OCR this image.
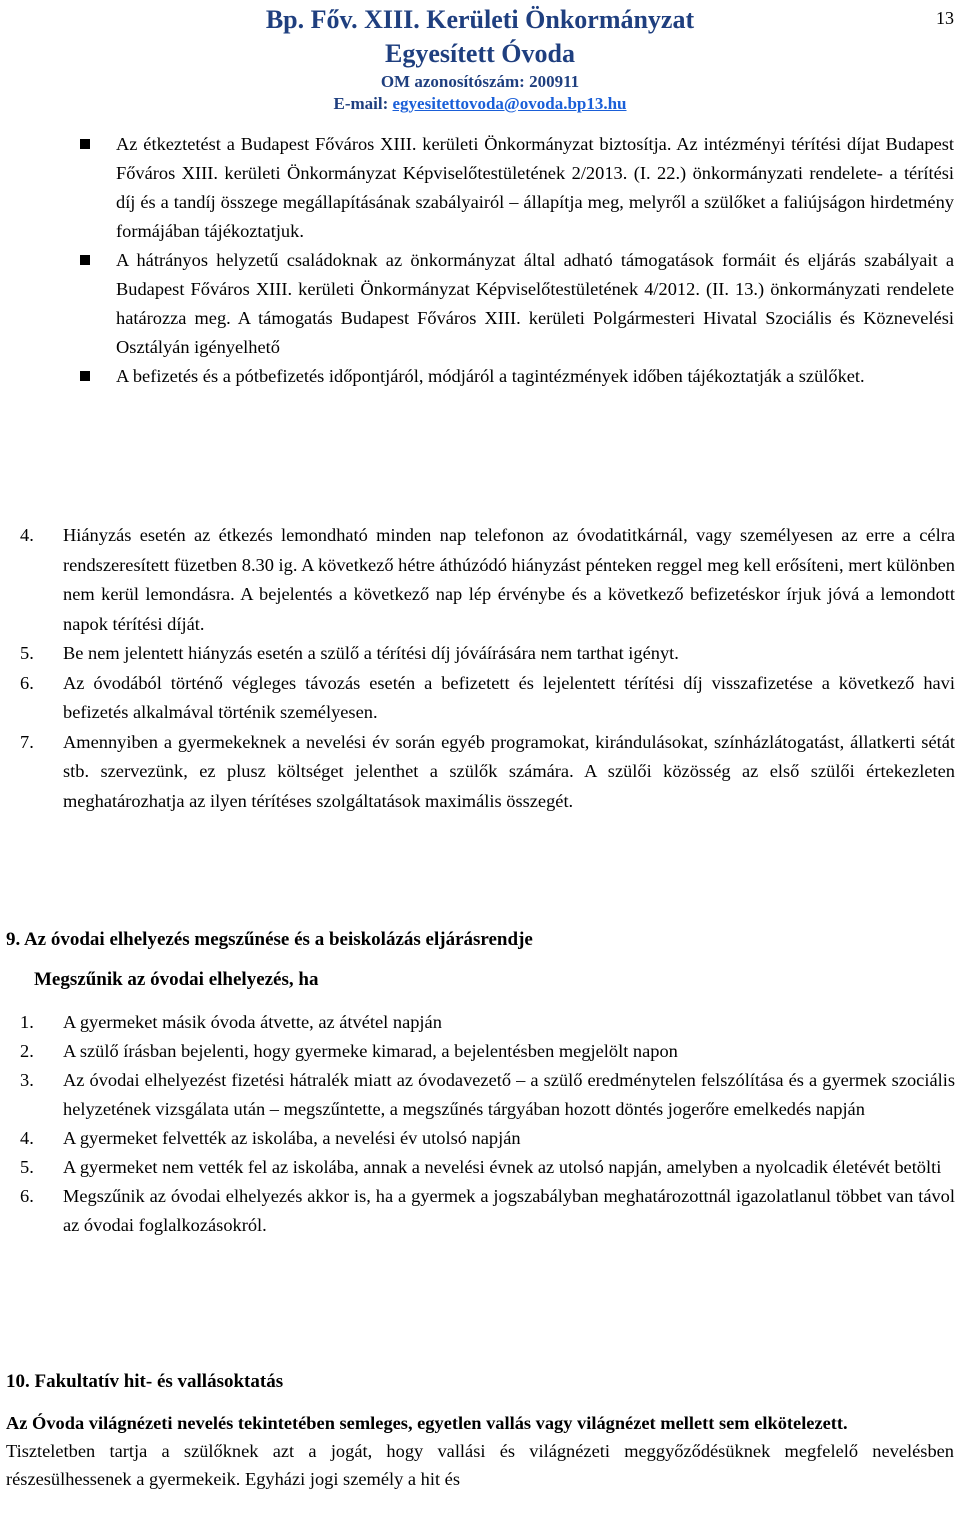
Bp. Főv. XIII. Kerületi Önkormányzat
Egyesített Óvoda
OM azonosítószám: 200911
E-mail: egyesitettovoda@ovoda.bp13.hu
13
Az étkeztetést a Budapest Főváros XIII. kerületi Önkormányzat biztosítja. Az intézményi térítési díjat Budapest Főváros XIII. kerületi Önkormányzat Képviselőtestületének 2/2013. (I. 22.) önkormányzati rendelete- a térítési díj és a tandíj összege megállapításának szabályairól – állapítja meg, melyről a szülőket a faliújságon hirdetmény formájában tájékoztatjuk.
A hátrányos helyzetű családoknak az önkormányzat által adható támogatások formáit és eljárás szabályait a Budapest Főváros XIII. kerületi Önkormányzat Képviselőtestületének 4/2012. (II. 13.) önkormányzati rendelete határozza meg. A támogatás Budapest Főváros XIII. kerületi Polgármesteri Hivatal Szociális és Köznevelési Osztályán igényelhető
A befizetés és a pótbefizetés időpontjáról, módjáról a tagintézmények időben tájékoztatják a szülőket.
4. Hiányzás esetén az étkezés lemondható minden nap telefonon az óvodatitkárnál, vagy személyesen az erre a célra rendszeresített füzetben 8.30 ig. A következő hétre áthúzódó hiányzást pénteken reggel meg kell erősíteni, mert különben nem kerül lemondásra. A bejelentés a következő nap lép érvénybe és a következő befizetéskor írjuk jóvá a lemondott napok térítési díját.
5. Be nem jelentett hiányzás esetén a szülő a térítési díj jóváírására nem tarthat igényt.
6. Az óvodából történő végleges távozás esetén a befizetett és lejelentett térítési díj visszafizetése a következő havi befizetés alkalmával történik személyesen.
7. Amennyiben a gyermekeknek a nevelési év során egyéb programokat, kirándulásokat, színházlátogatást, állatkerti sétát stb. szervezünk, ez plusz költséget jelenthet a szülők számára. A szülői közösség az első szülői értekezleten meghatározhatja az ilyen térítéses szolgáltatások maximális összegét.
9. Az óvodai elhelyezés megszűnése és a beiskolázás eljárásrendje
Megszűnik az óvodai elhelyezés, ha
1. A gyermeket másik óvoda átvette, az átvétel napján
2. A szülő írásban bejelenti, hogy gyermeke kimarad, a bejelentésben megjelölt napon
3. Az óvodai elhelyezést fizetési hátralék miatt az óvodavezető – a szülő eredménytelen felszólítása és a gyermek szociális helyzetének vizsgálata után – megszűntette, a megszűnés tárgyában hozott döntés jogerőre emelkedés napján
4. A gyermeket felvették az iskolába, a nevelési év utolsó napján
5. A gyermeket nem vették fel az iskolába, annak a nevelési évnek az utolsó napján, amelyben a nyolcadik életévét betölti
6. Megszűnik az óvodai elhelyezés akkor is, ha a gyermek a jogszabályban meghatározottnál igazolatlanul többet van távol az óvodai foglalkozásokról.
10. Fakultatív hit- és vallásoktatás
Az Óvoda világnézeti nevelés tekintetében semleges, egyetlen vallás vagy világnézet mellett sem elkötelezett.
Tiszteletben tartja a szülőknek azt a jogát, hogy vallási és világnézeti meggyőződésüknek megfelelő nevelésben részesülhessenek a gyermekeik. Egyházi jogi személy a hit és
